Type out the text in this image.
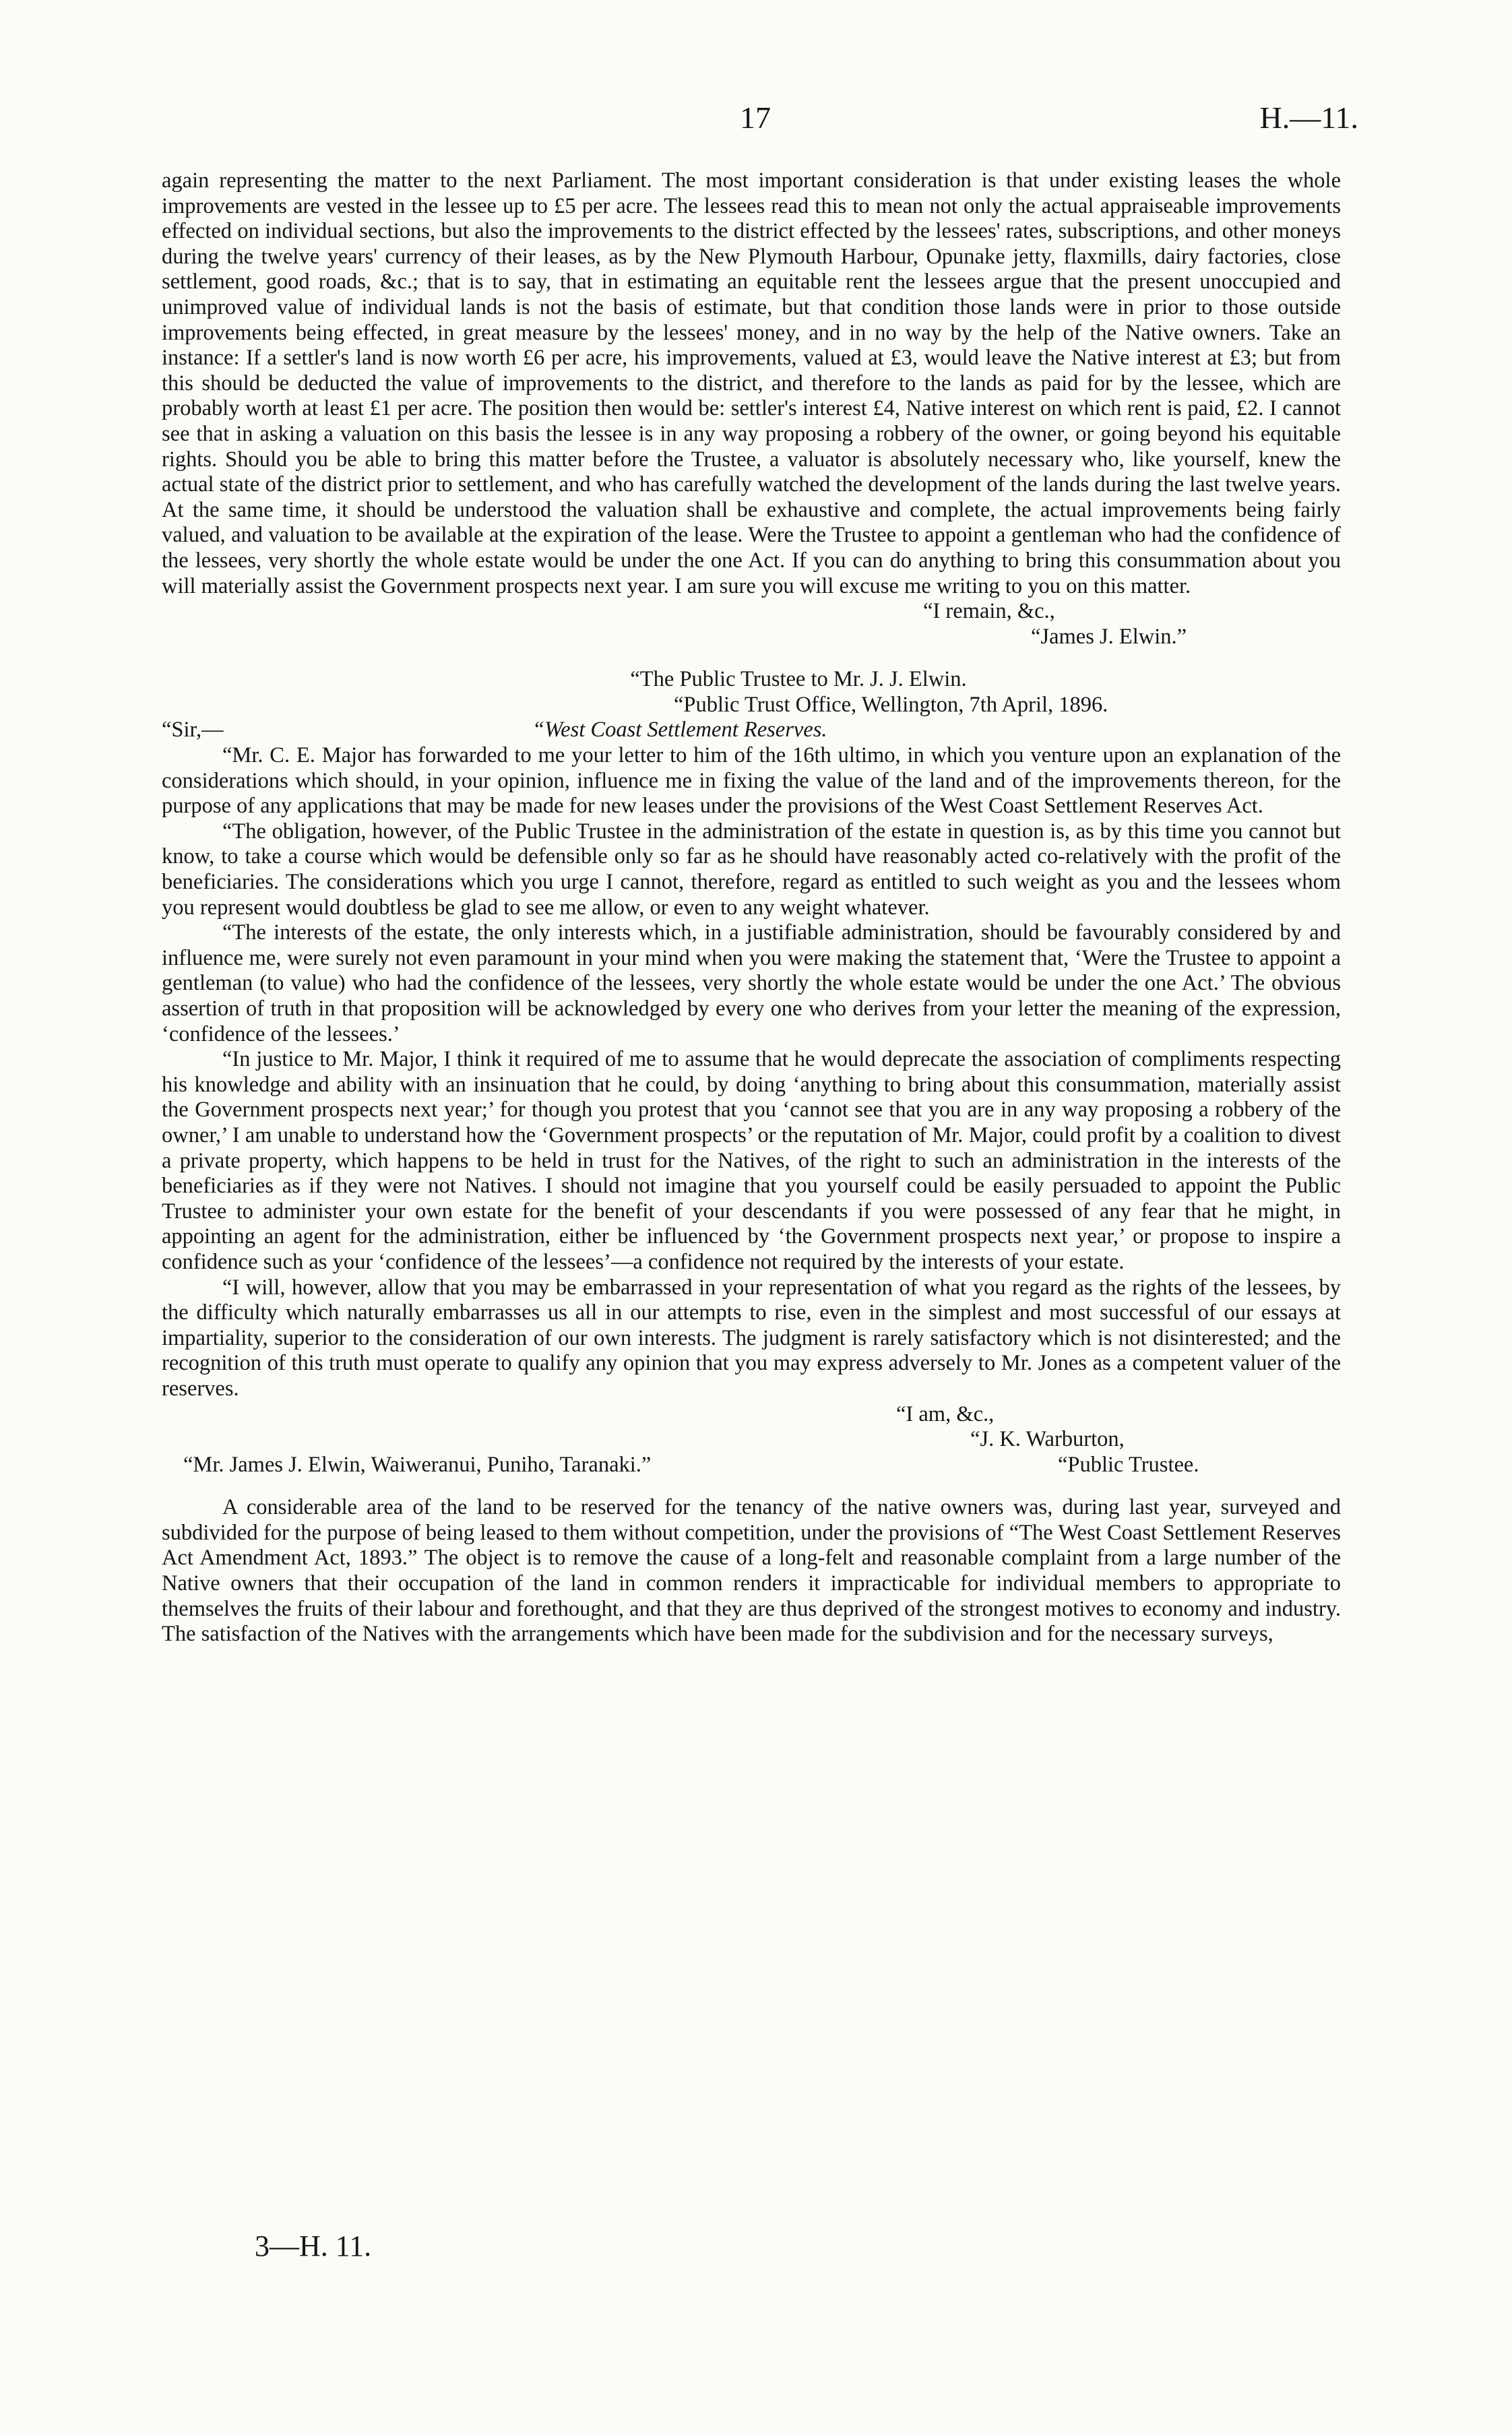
17	H.—11.

again representing the matter to the next Parliament. The most important consideration is that under existing leases the whole improvements are vested in the lessee up to £5 per acre. The lessees read this to mean not only the actual appraiseable improvements effected on individual sections, but also the improvements to the district effected by the lessees' rates, subscriptions, and other moneys during the twelve years' currency of their leases, as by the New Plymouth Harbour, Opunake jetty, flaxmills, dairy factories, close settlement, good roads, &c.; that is to say, that in estimating an equitable rent the lessees argue that the present unoccupied and unimproved value of individual lands is not the basis of estimate, but that condition those lands were in prior to those outside improvements being effected, in great measure by the lessees' money, and in no way by the help of the Native owners. Take an instance: If a settler's land is now worth £6 per acre, his improvements, valued at £3, would leave the Native interest at £3; but from this should be deducted the value of improvements to the district, and therefore to the lands as paid for by the lessee, which are probably worth at least £1 per acre. The position then would be: settler's interest £4, Native interest on which rent is paid, £2. I cannot see that in asking a valuation on this basis the lessee is in any way proposing a robbery of the owner, or going beyond his equitable rights. Should you be able to bring this matter before the Trustee, a valuator is absolutely necessary who, like yourself, knew the actual state of the district prior to settlement, and who has carefully watched the development of the lands during the last twelve years. At the same time, it should be understood the valuation shall be exhaustive and complete, the actual improvements being fairly valued, and valuation to be available at the expiration of the lease. Were the Trustee to appoint a gentleman who had the confidence of the lessees, very shortly the whole estate would be under the one Act. If you can do anything to bring this consummation about you will materially assist the Government prospects next year. I am sure you will excuse me writing to you on this matter.

“I remain, &c.,

“James J. Elwin.”

“The Public Trustee to Mr. J. J. Elwin.

“Public Trust Office, Wellington, 7th April, 1896.

“Sir,—	“West Coast Settlement Reserves.

“Mr. C. E. Major has forwarded to me your letter to him of the 16th ultimo, in which you venture upon an explanation of the considerations which should, in your opinion, influence me in fixing the value of the land and of the improvements thereon, for the purpose of any applications that may be made for new leases under the provisions of the West Coast Settlement Reserves Act.

“The obligation, however, of the Public Trustee in the administration of the estate in question is, as by this time you cannot but know, to take a course which would be defensible only so far as he should have reasonably acted co-relatively with the profit of the beneficiaries. The considerations which you urge I cannot, therefore, regard as entitled to such weight as you and the lessees whom you represent would doubtless be glad to see me allow, or even to any weight whatever.

“The interests of the estate, the only interests which, in a justifiable administration, should be favourably considered by and influence me, were surely not even paramount in your mind when you were making the statement that, ‘Were the Trustee to appoint a gentleman (to value) who had the confidence of the lessees, very shortly the whole estate would be under the one Act.’ The obvious assertion of truth in that proposition will be acknowledged by every one who derives from your letter the meaning of the expression, ‘confidence of the lessees.’

“In justice to Mr. Major, I think it required of me to assume that he would deprecate the association of compliments respecting his knowledge and ability with an insinuation that he could, by doing ‘anything to bring about this consummation, materially assist the Government prospects next year;’ for though you protest that you ‘cannot see that you are in any way proposing a robbery of the owner,’ I am unable to understand how the ‘Government prospects’ or the reputation of Mr. Major, could profit by a coalition to divest a private property, which happens to be held in trust for the Natives, of the right to such an administration in the interests of the beneficiaries as if they were not Natives. I should not imagine that you yourself could be easily persuaded to appoint the Public Trustee to administer your own estate for the benefit of your descendants if you were possessed of any fear that he might, in appointing an agent for the administration, either be influenced by ‘the Government prospects next year,’ or propose to inspire a confidence such as your ‘confidence of the lessees’—a confidence not required by the interests of your estate.

“I will, however, allow that you may be embarrassed in your representation of what you regard as the rights of the lessees, by the difficulty which naturally embarrasses us all in our attempts to rise, even in the simplest and most successful of our essays at impartiality, superior to the consideration of our own interests. The judgment is rarely satisfactory which is not disinterested; and the recognition of this truth must operate to qualify any opinion that you may express adversely to Mr. Jones as a competent valuer of the reserves.

“I am, &c.,

“J. K. Warburton,

“Mr. James J. Elwin, Waiweranui, Puniho, Taranaki.”	“Public Trustee.

A considerable area of the land to be reserved for the tenancy of the native owners was, during last year, surveyed and subdivided for the purpose of being leased to them without competition, under the provisions of “The West Coast Settlement Reserves Act Amendment Act, 1893.” The object is to remove the cause of a long-felt and reasonable complaint from a large number of the Native owners that their occupation of the land in common renders it impracticable for individual members to appropriate to themselves the fruits of their labour and forethought, and that they are thus deprived of the strongest motives to economy and industry. The satisfaction of the Natives with the arrangements which have been made for the subdivision and for the necessary surveys,

3—H. 11.
